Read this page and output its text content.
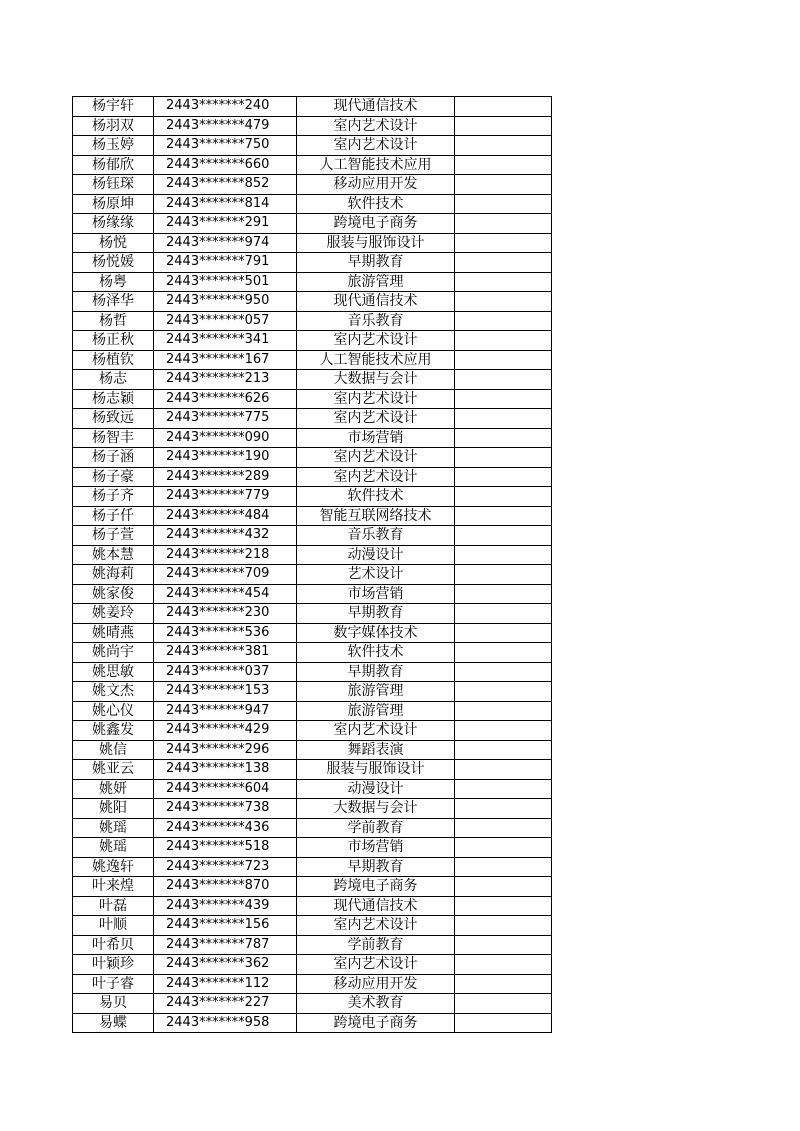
杨宇轩	2443*******240	现代通信技术	
杨羽双	2443*******479	室内艺术设计	
杨玉婷	2443*******750	室内艺术设计	
杨郁欣	2443*******660	人工智能技术应用	
杨钰琛	2443*******852	移动应用开发	
杨原坤	2443*******814	软件技术	
杨缘缘	2443*******291	跨境电子商务	
杨悦	2443*******974	服装与服饰设计	
杨悦媛	2443*******791	早期教育	
杨粤	2443*******501	旅游管理	
杨泽华	2443*******950	现代通信技术	
杨哲	2443*******057	音乐教育	
杨正秋	2443*******341	室内艺术设计	
杨植钦	2443*******167	人工智能技术应用	
杨志	2443*******213	大数据与会计	
杨志颖	2443*******626	室内艺术设计	
杨致远	2443*******775	室内艺术设计	
杨智丰	2443*******090	市场营销	
杨子涵	2443*******190	室内艺术设计	
杨子豪	2443*******289	室内艺术设计	
杨子齐	2443*******779	软件技术	
杨子仟	2443*******484	智能互联网络技术	
杨子萱	2443*******432	音乐教育	
姚本慧	2443*******218	动漫设计	
姚海莉	2443*******709	艺术设计	
姚家俊	2443*******454	市场营销	
姚姜玲	2443*******230	早期教育	
姚晴燕	2443*******536	数字媒体技术	
姚尚宇	2443*******381	软件技术	
姚思敏	2443*******037	早期教育	
姚文杰	2443*******153	旅游管理	
姚心仪	2443*******947	旅游管理	
姚鑫发	2443*******429	室内艺术设计	
姚信	2443*******296	舞蹈表演	
姚亚云	2443*******138	服装与服饰设计	
姚妍	2443*******604	动漫设计	
姚阳	2443*******738	大数据与会计	
姚瑶	2443*******436	学前教育	
姚瑶	2443*******518	市场营销	
姚逸轩	2443*******723	早期教育	
叶来煌	2443*******870	跨境电子商务	
叶磊	2443*******439	现代通信技术	
叶顺	2443*******156	室内艺术设计	
叶希贝	2443*******787	学前教育	
叶颖珍	2443*******362	室内艺术设计	
叶子睿	2443*******112	移动应用开发	
易贝	2443*******227	美术教育	
易蝶	2443*******958	跨境电子商务	
